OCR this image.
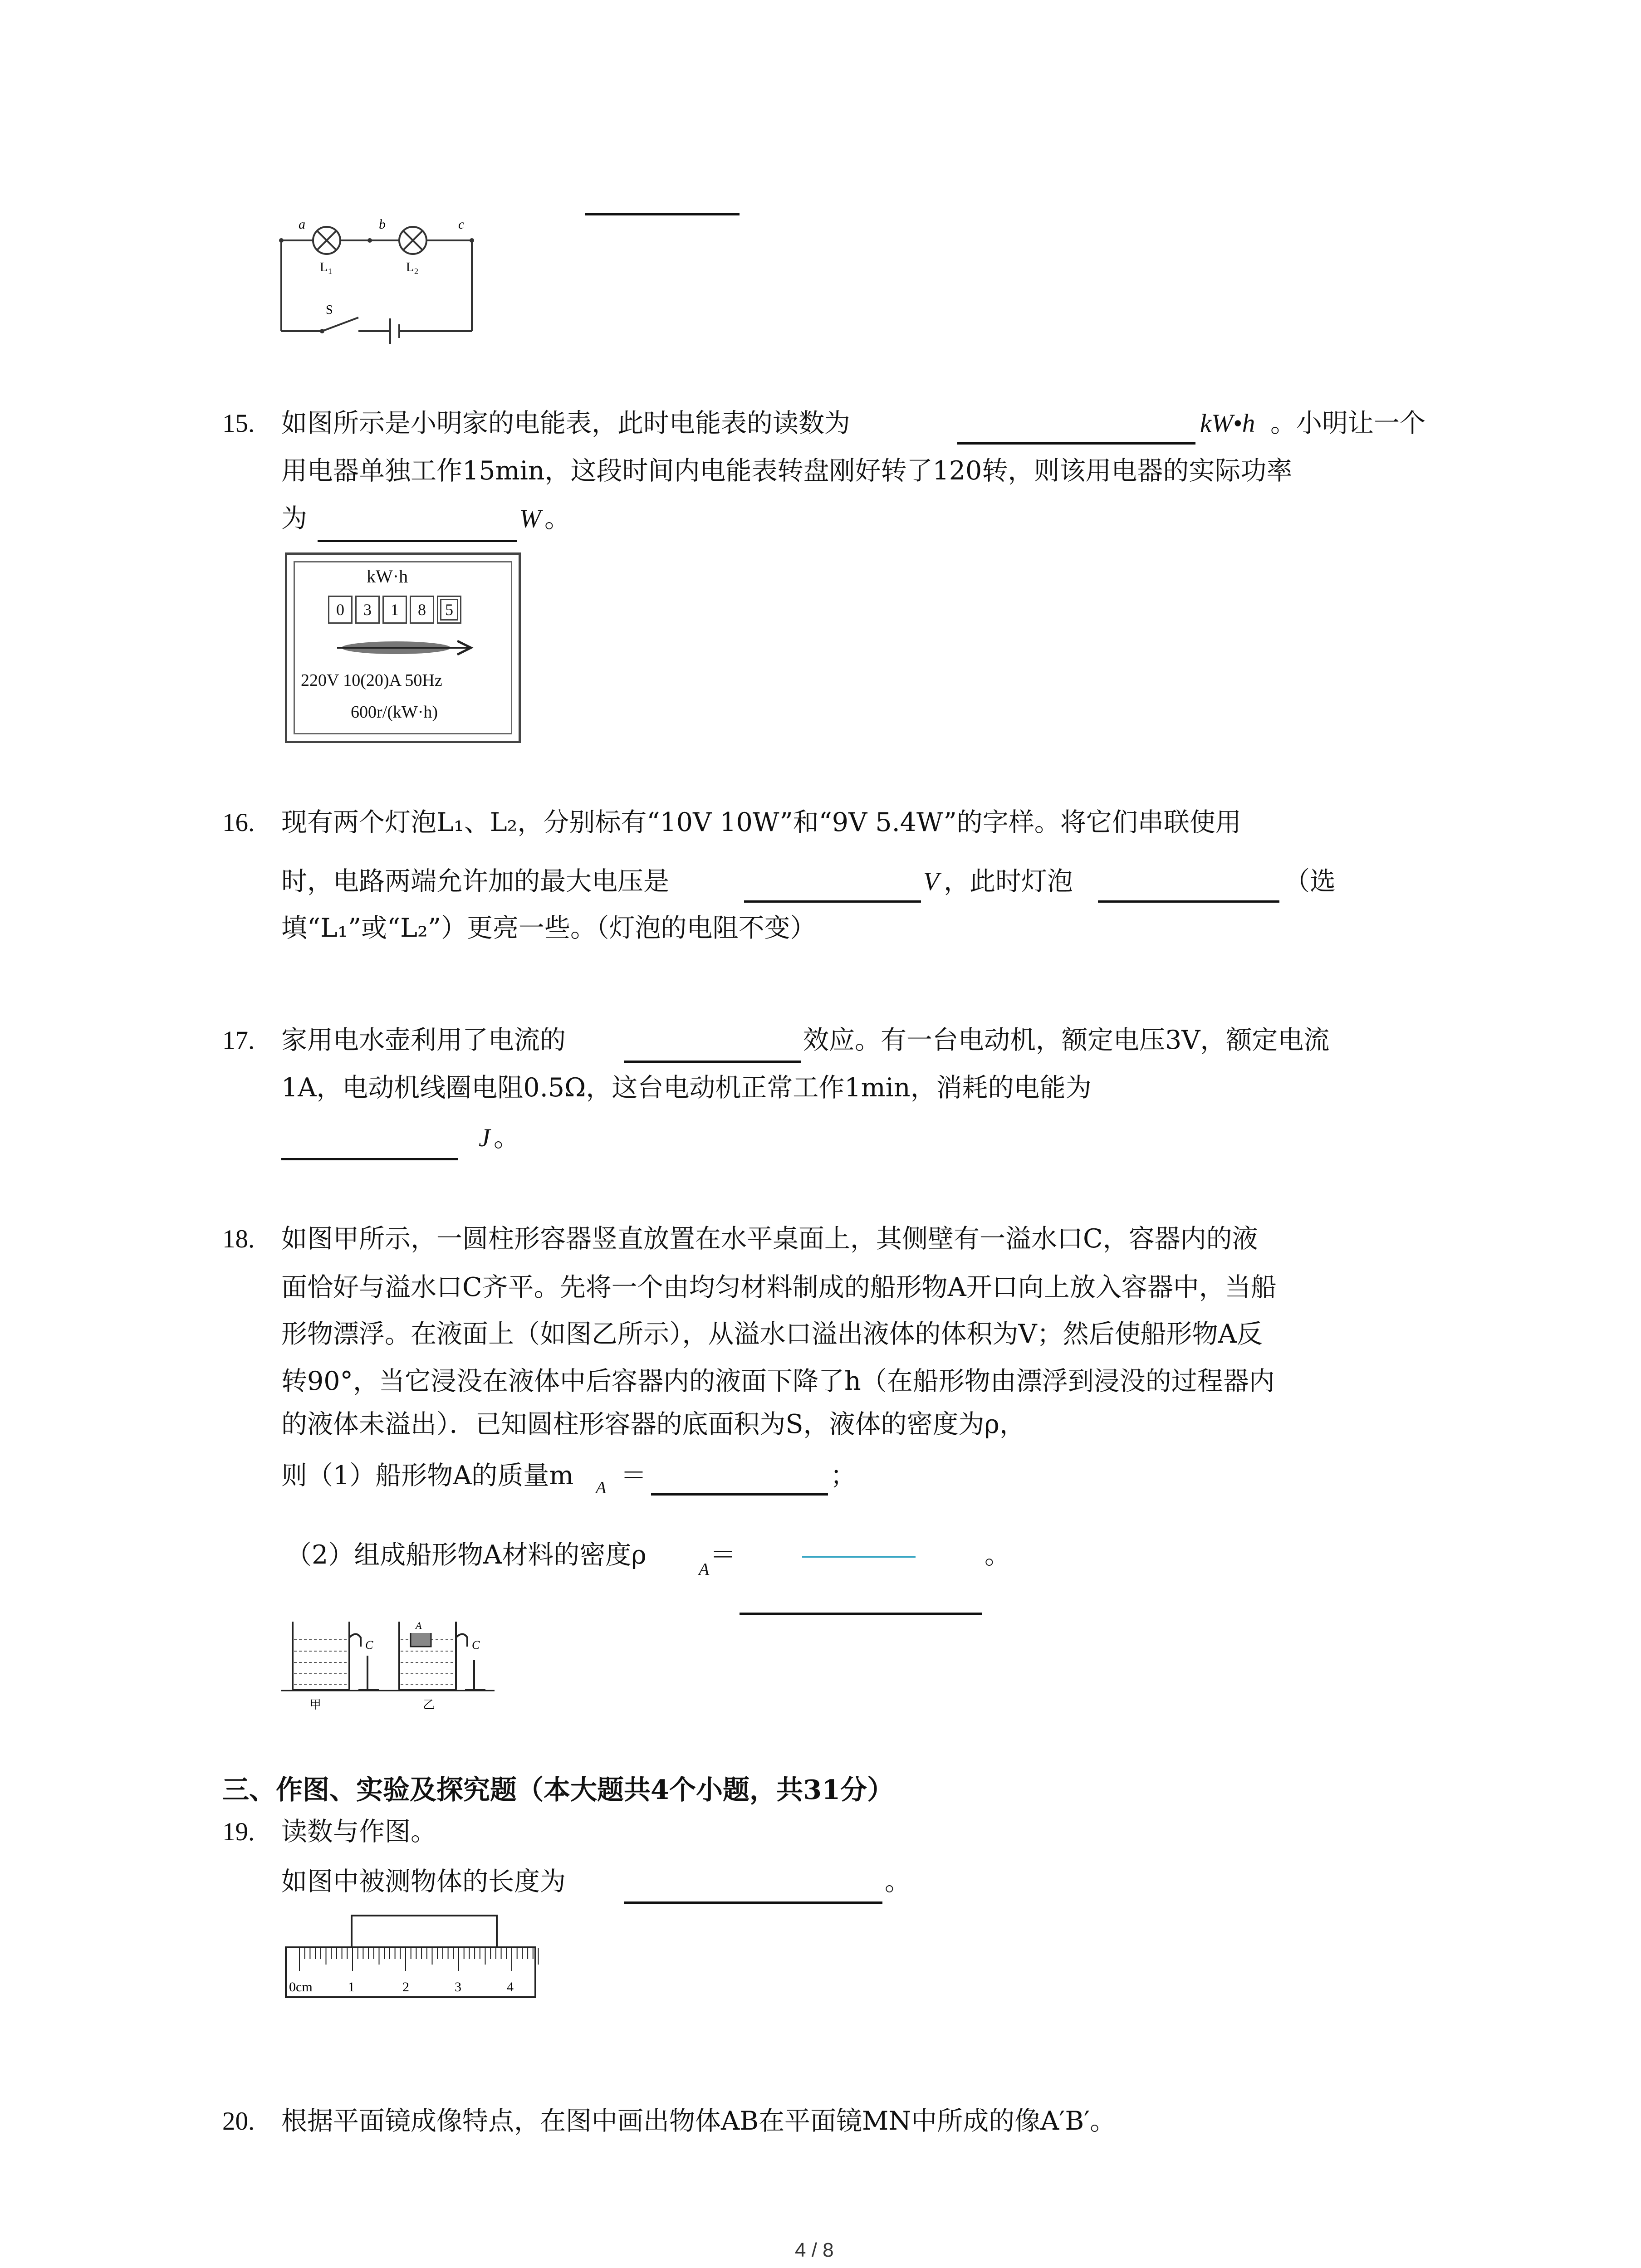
a	b	c
L 1	L 2
S
15. 如图所示是小明家的电能表，此时电能表的读数为	kW•h 。小明让一个
用电器单独工作15min，这段时间内电能表转盘刚好转了120转，则该用电器的实际功率
为	W 。
kW·h
0	3	1	8	5
220V 10(20)A 50Hz
600r/(kW·h)
16. 现有两个灯泡L₁、L₂，分别标有“10V 10W”和“9V 5.4W”的字样。将它们串联使用
时，电路两端允许加的最大电压是	V ，此时灯泡	（选
填“L₁”或“L₂”）更亮一些。（灯泡的电阻不变）
17. 家用电水壶利用了电流的	效应。有一台电动机，额定电压3V，额定电流
1A，电动机线圈电阻0.5Ω，这台电动机正常工作1min，消耗的电能为
J 。
18. 如图甲所示，一圆柱形容器竖直放置在水平桌面上，其侧壁有一溢水口C，容器内的液
面恰好与溢水口C齐平。先将一个由均匀材料制成的船形物A开口向上放入容器中，当船
形物漂浮。在液面上（如图乙所示），从溢水口溢出液体的体积为V；然后使船形物A反
转90°，当它浸没在液体中后容器内的液面下降了h（在船形物由漂浮到浸没的过程器内
的液体未溢出）．已知圆柱形容器的底面积为S，液体的密度为ρ，
则（1）船形物A的质量m A ＝	；
（2）组成船形物A材料的密度ρ	A ＝	。
C	C
A
甲	乙
三、作图、实验及探究题（本大题共4个小题，共31分）
19. 读数与作图。
如图中被测物体的长度为	。
0cm	1	2	3	4
20. 根据平面镜成像特点，在图中画出物体AB在平面镜MN中所成的像A′B′。
4 / 8
